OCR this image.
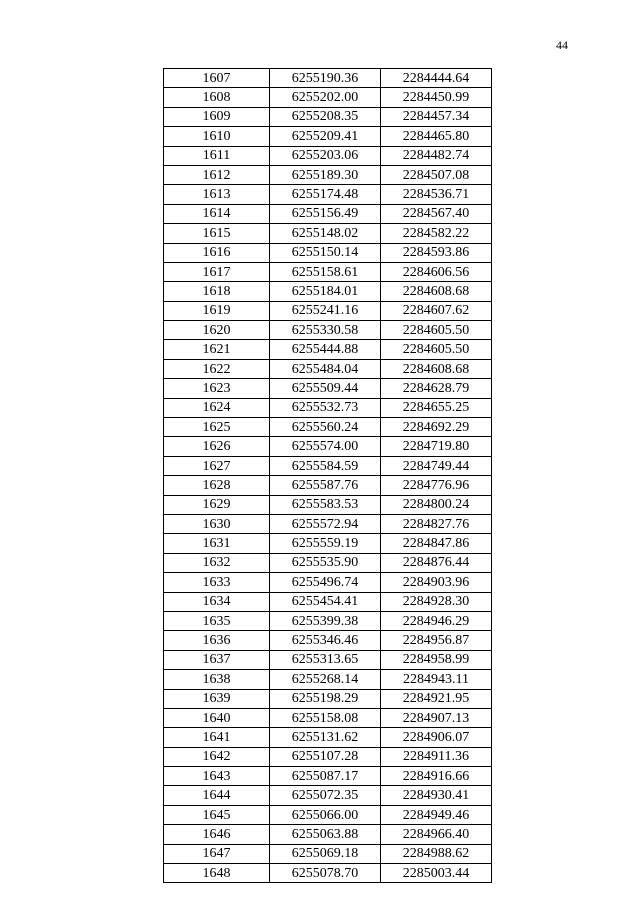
44
1607	6255190.36	2284444.64
1608	6255202.00	2284450.99
1609	6255208.35	2284457.34
1610	6255209.41	2284465.80
1611	6255203.06	2284482.74
1612	6255189.30	2284507.08
1613	6255174.48	2284536.71
1614	6255156.49	2284567.40
1615	6255148.02	2284582.22
1616	6255150.14	2284593.86
1617	6255158.61	2284606.56
1618	6255184.01	2284608.68
1619	6255241.16	2284607.62
1620	6255330.58	2284605.50
1621	6255444.88	2284605.50
1622	6255484.04	2284608.68
1623	6255509.44	2284628.79
1624	6255532.73	2284655.25
1625	6255560.24	2284692.29
1626	6255574.00	2284719.80
1627	6255584.59	2284749.44
1628	6255587.76	2284776.96
1629	6255583.53	2284800.24
1630	6255572.94	2284827.76
1631	6255559.19	2284847.86
1632	6255535.90	2284876.44
1633	6255496.74	2284903.96
1634	6255454.41	2284928.30
1635	6255399.38	2284946.29
1636	6255346.46	2284956.87
1637	6255313.65	2284958.99
1638	6255268.14	2284943.11
1639	6255198.29	2284921.95
1640	6255158.08	2284907.13
1641	6255131.62	2284906.07
1642	6255107.28	2284911.36
1643	6255087.17	2284916.66
1644	6255072.35	2284930.41
1645	6255066.00	2284949.46
1646	6255063.88	2284966.40
1647	6255069.18	2284988.62
1648	6255078.70	2285003.44
